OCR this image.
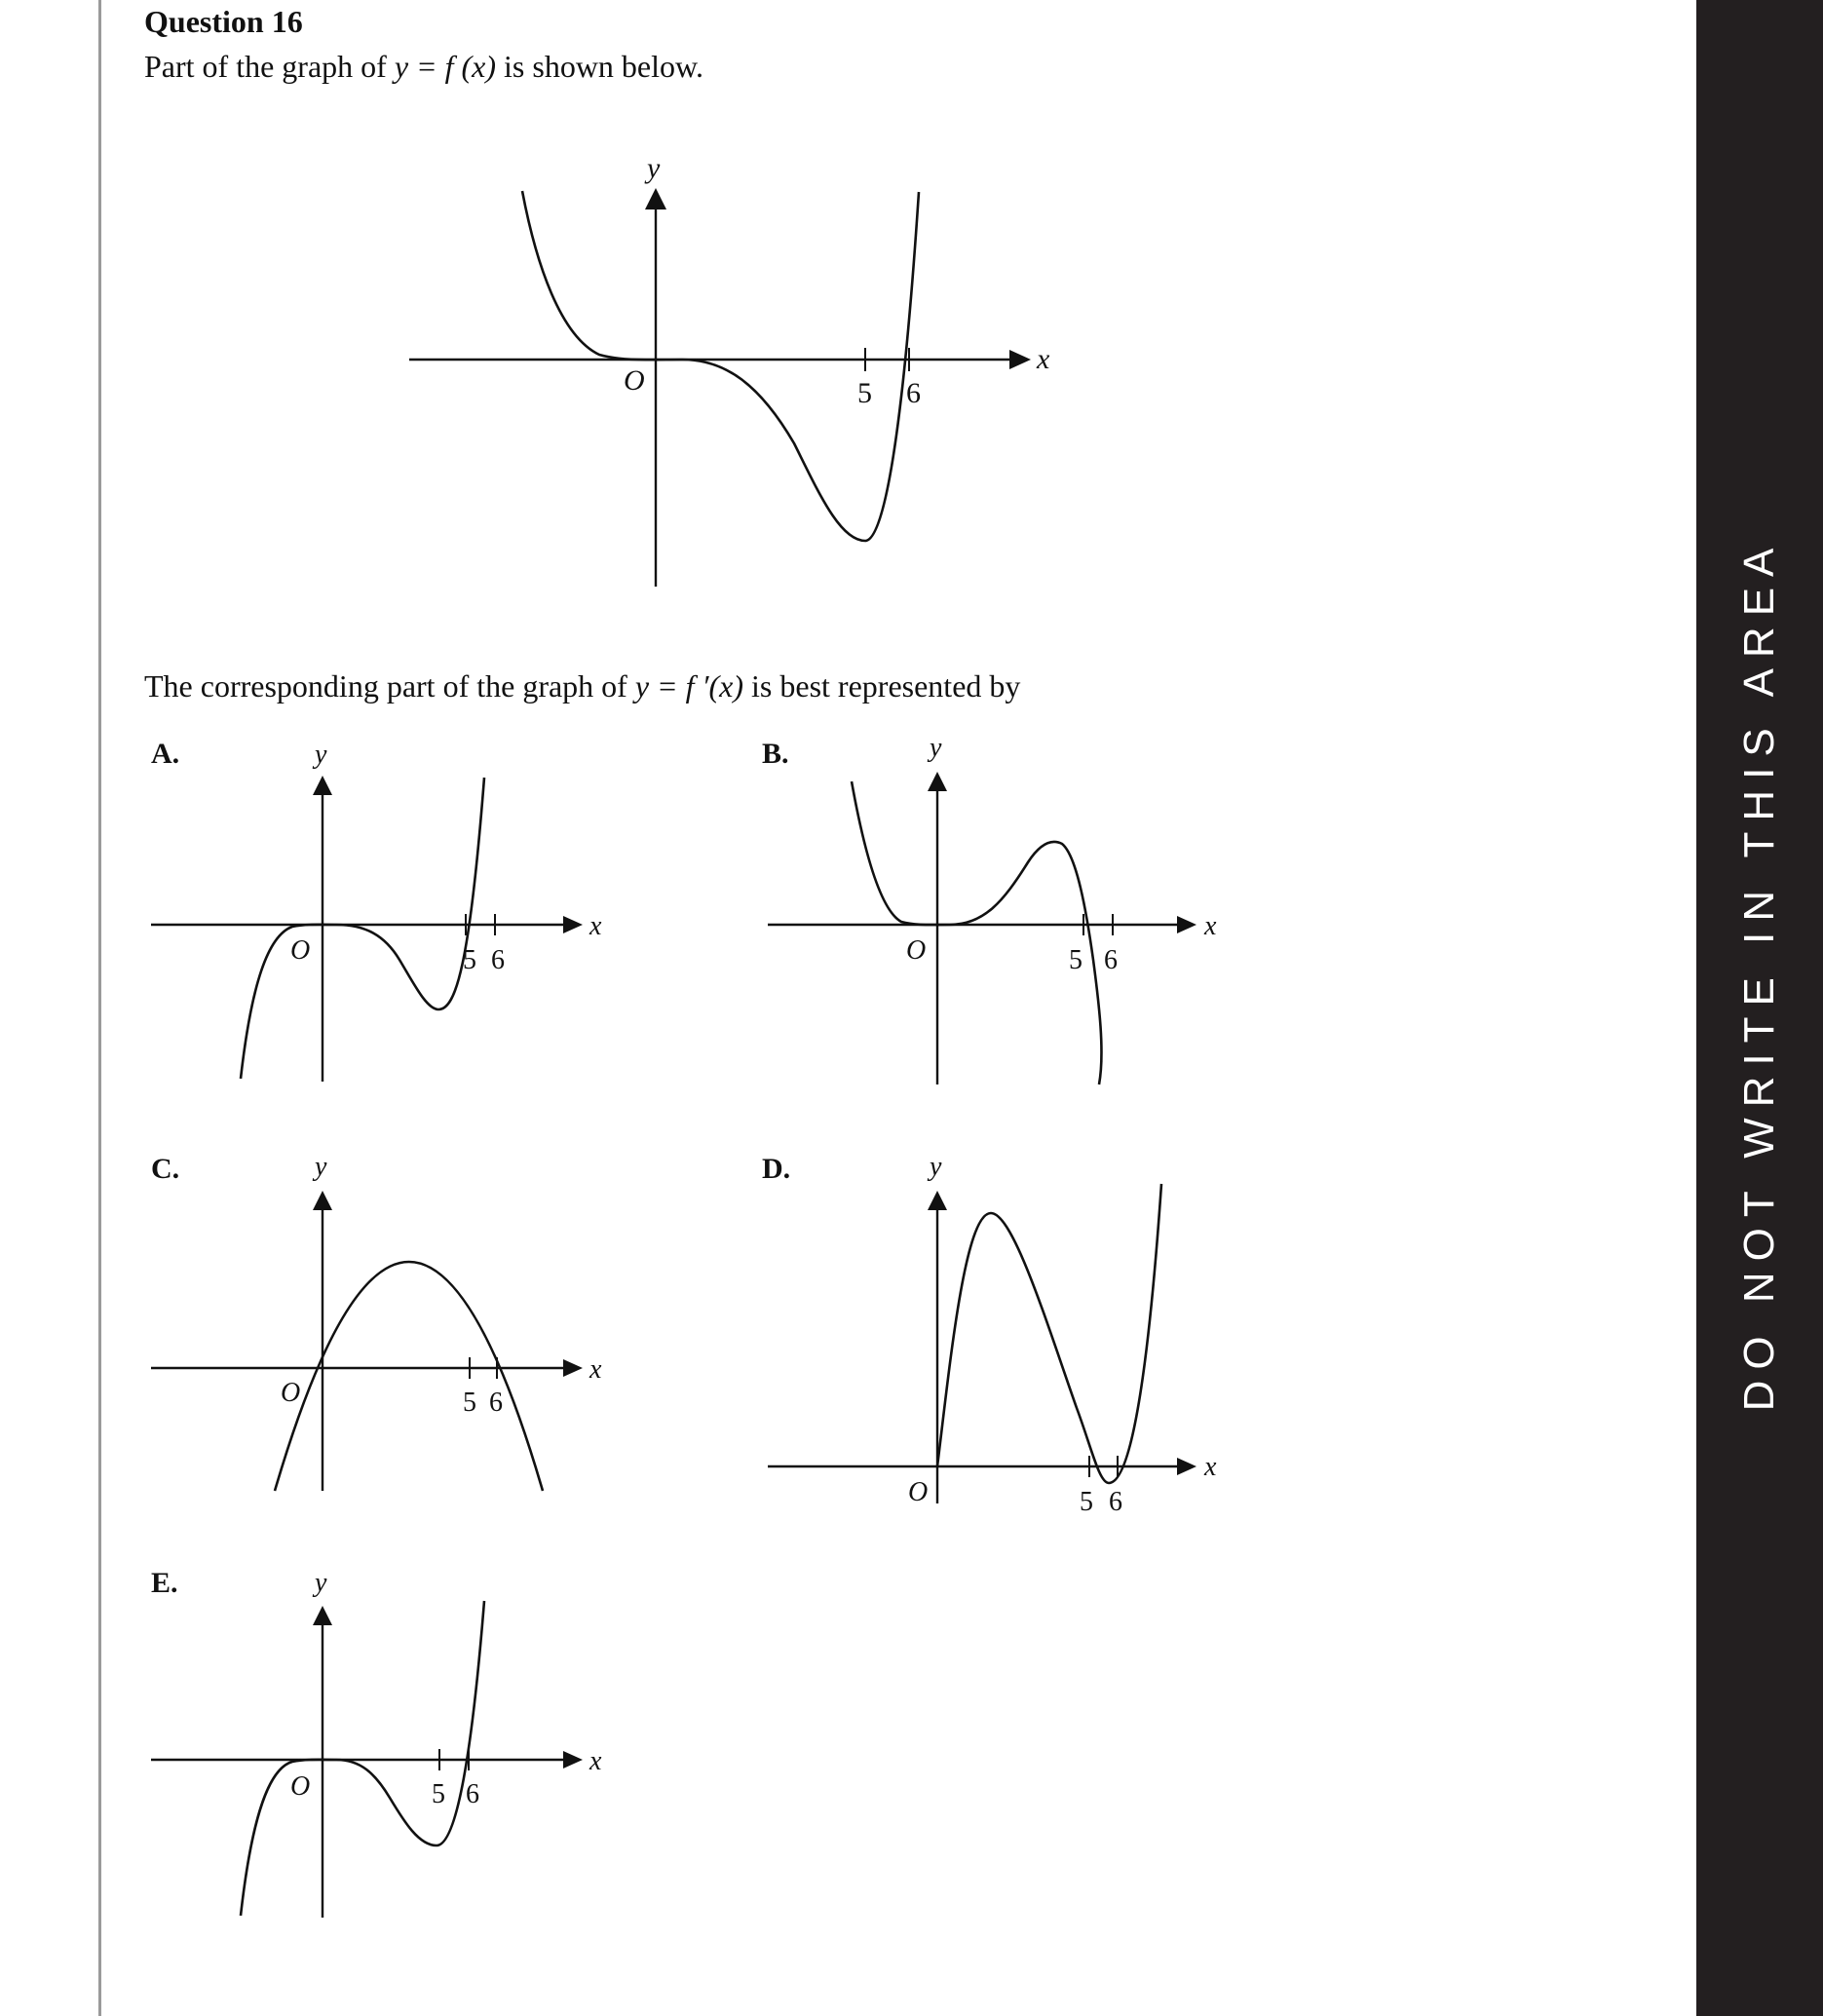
Question 16
Part of the graph of y = f (x) is shown below.
y
x
O	5 6
The corresponding part of the graph of y = f ′(x) is best represented by
A.	y
x
O	5 6
B.	y
x
O	5 6
C.	y
x
O	5 6
D.	y
x
O	5 6
E.	y
x
O	5 6
DO NOT WRITE IN THIS AREA
